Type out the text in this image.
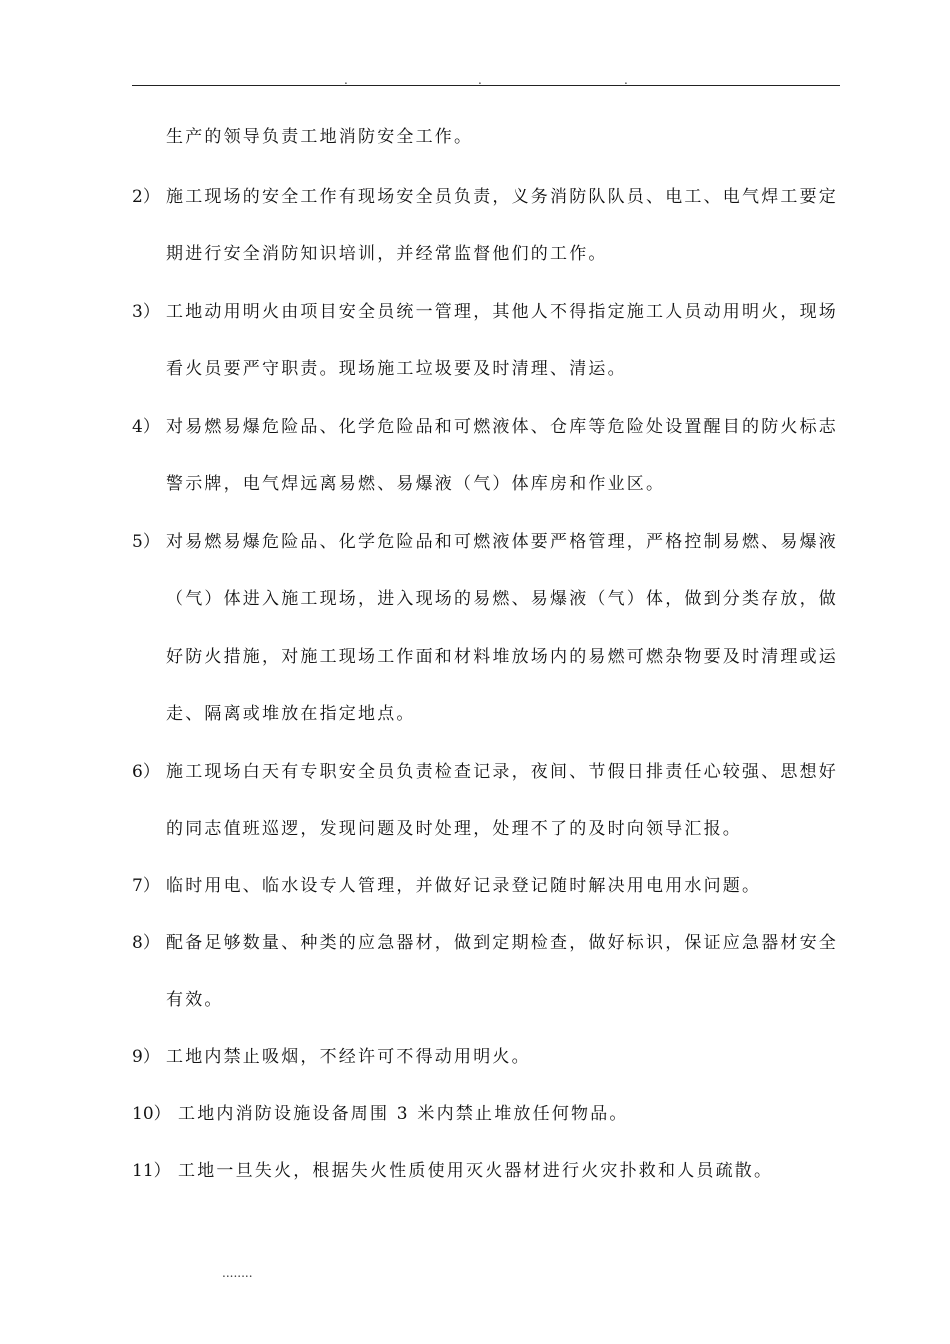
.	.	.
生产的领导负责工地消防安全工作。
2） 施工现场的安全工作有现场安全员负责，义务消防队队员、电工、电气焊工要定
期进行安全消防知识培训，并经常监督他们的工作。
3） 工地动用明火由项目安全员统一管理，其他人不得指定施工人员动用明火，现场
看火员要严守职责。现场施工垃圾要及时清理、清运。
4） 对易燃易爆危险品、化学危险品和可燃液体、仓库等危险处设置醒目的防火标志
警示牌，电气焊远离易燃、易爆液（气）体库房和作业区。
5） 对易燃易爆危险品、化学危险品和可燃液体要严格管理，严格控制易燃、易爆液
（气）体进入施工现场，进入现场的易燃、易爆液（气）体，做到分类存放，做
好防火措施，对施工现场工作面和材料堆放场内的易燃可燃杂物要及时清理或运
走、隔离或堆放在指定地点。
6） 施工现场白天有专职安全员负责检查记录，夜间、节假日排责任心较强、思想好
的同志值班巡逻，发现问题及时处理，处理不了的及时向领导汇报。
7） 临时用电、临水设专人管理，并做好记录登记随时解决用电用水问题。
8） 配备足够数量、种类的应急器材，做到定期检查，做好标识，保证应急器材安全
有效。
9） 工地内禁止吸烟，不经许可不得动用明火。
10） 工地内消防设施设备周围 3 米内禁止堆放任何物品。
11） 工地一旦失火，根据失火性质使用灭火器材进行火灾扑救和人员疏散。
........
